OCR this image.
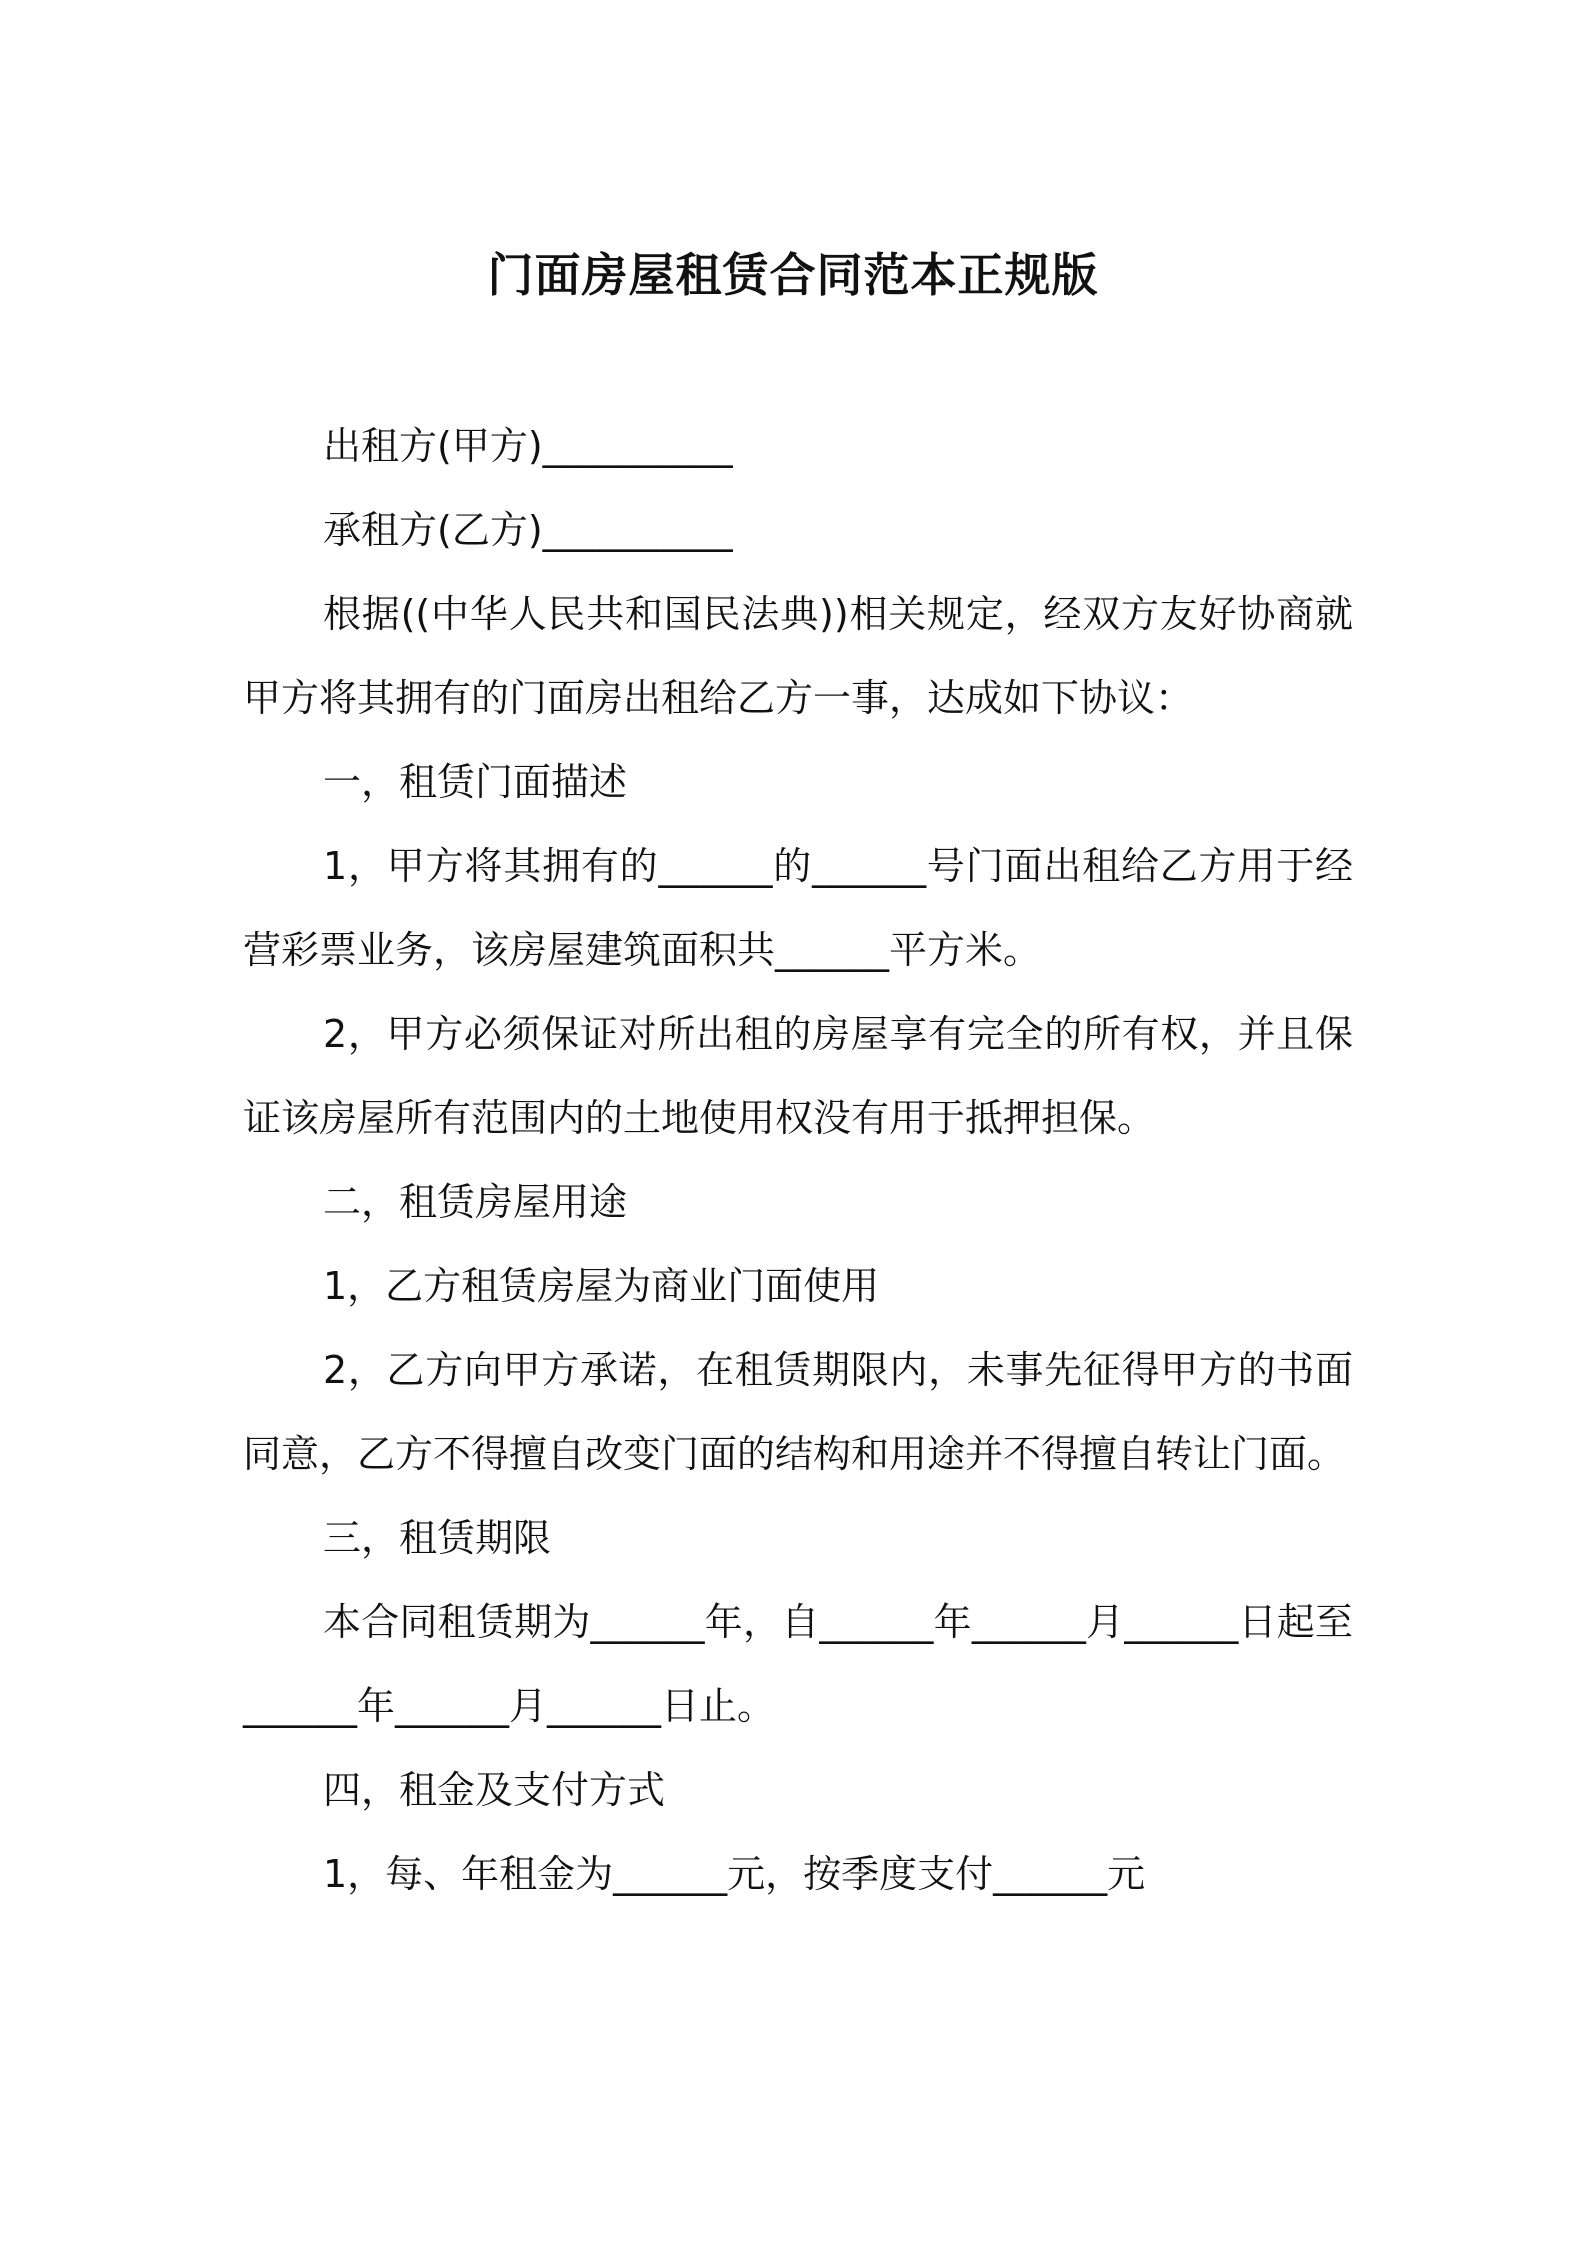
门面房屋租赁合同范本正规版

出租方(甲方)__________

承租方(乙方)__________

根据((中华人民共和国民法典))相关规定，经双方友好协商就甲方将其拥有的门面房出租给乙方一事，达成如下协议：

一，租赁门面描述

1，甲方将其拥有的______的______号门面出租给乙方用于经营彩票业务，该房屋建筑面积共______平方米。

2，甲方必须保证对所出租的房屋享有完全的所有权，并且保证该房屋所有范围内的土地使用权没有用于抵押担保。

二，租赁房屋用途

1，乙方租赁房屋为商业门面使用

2，乙方向甲方承诺，在租赁期限内，未事先征得甲方的书面同意，乙方不得擅自改变门面的结构和用途并不得擅自转让门面。

三，租赁期限

本合同租赁期为______年，自______年______月______日起至______年______月______日止。

四，租金及支付方式

1，每、年租金为______元，按季度支付______元
